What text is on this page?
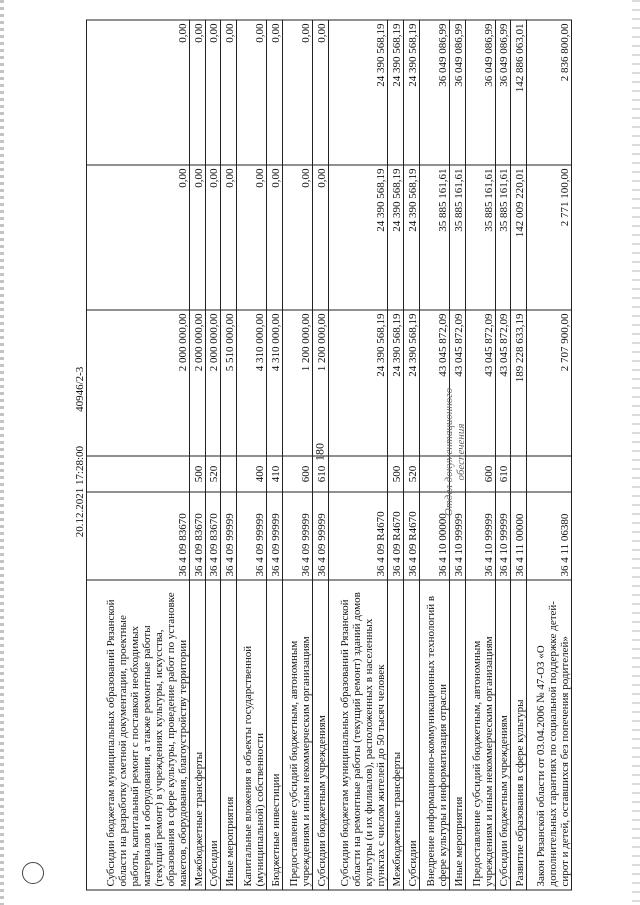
Субсидии бюджетам муниципальных образований Рязанской области на разработку сметной документации, проектные работы, капитальный ремонт с поставкой необходимых материалов и оборудования, а также ремонтные работы (текущий ремонт) в учреждениях культуры, искусства, образования в сфере культуры, проведение работ по установке макетов, оборудования, благоустройству территории	36 4 09 83670		2 000 000,00	0,00	0,00
Межбюджетные трансферты	36 4 09 83670	500	2 000 000,00	0,00	0,00
Субсидии	36 4 09 83670	520	2 000 000,00	0,00	0,00
Иные мероприятия	36 4 09 99999		5 510 000,00	0,00	0,00
Капитальные вложения в объекты государственной (муниципальной) собственности	36 4 09 99999	400	4 310 000,00	0,00	0,00
Бюджетные инвестиции	36 4 09 99999	410	4 310 000,00	0,00	0,00
Предоставление субсидий бюджетным, автономным учреждениям и иным некоммерческим организациям	36 4 09 99999	600	1 200 000,00	0,00	0,00
Субсидии бюджетным учреждениям	36 4 09 99999	610	1 200 000,00	0,00	0,00
Субсидии бюджетам муниципальных образований Рязанской области на ремонтные работы (текущий ремонт) зданий домов культуры (и их филиалов), расположенных в населенных пунктах с числом жителей до 50 тысяч человек	36 4 09 R4670		24 390 568,19	24 390 568,19	24 390 568,19
Межбюджетные трансферты	36 4 09 R4670	500	24 390 568,19	24 390 568,19	24 390 568,19
Субсидии	36 4 09 R4670	520	24 390 568,19	24 390 568,19	24 390 568,19
Внедрение информационно-коммуникационных технологий в сфере культуры и информатизация отрасли	36 4 10 00000		43 045 872,09	35 885 161,61	36 049 086,99
Иные мероприятия	36 4 10 99999		43 045 872,09	35 885 161,61	36 049 086,99
Предоставление субсидий бюджетным, автономным учреждениям и иным некоммерческим организациям	36 4 10 99999	600	43 045 872,09	35 885 161,61	36 049 086,99
Субсидии бюджетным учреждениям	36 4 10 99999	610	43 045 872,09	35 885 161,61	36 049 086,99
Развитие образования в сфере культуры	36 4 11 00000		189 228 633,19	142 009 220,01	142 886 063,01
Закон Рязанской области от 03.04.2006 № 47-ОЗ «О дополнительных гарантиях по социальной поддержке детей-сирот и детей, оставшихся без попечения родителей»	36 4 11 06380		2 707 900,00	2 771 100,00	2 836 800,00
180	Отдел документационного обеспечения
20.12.2021 17:28:00
40946/2-3
